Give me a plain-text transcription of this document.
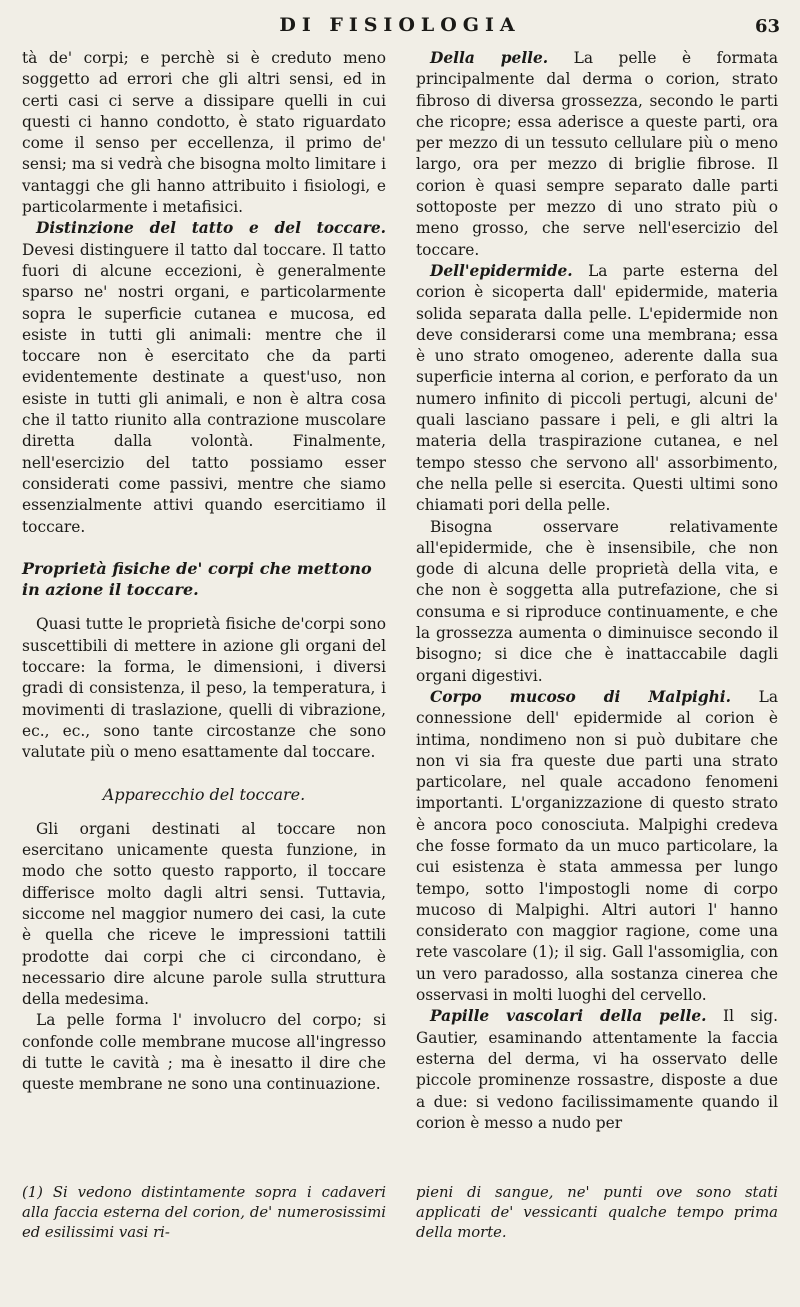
DI FISIOLOGIA	63

tà de' corpi; e perchè si è creduto meno soggetto ad errori che gli altri sensi, ed in certi casi ci serve a dissipare quelli in cui questi ci hanno condotto, è stato riguardato come il senso per eccellenza, il primo de' sensi; ma si vedrà che bisogna molto limitare i vantaggi che gli hanno attribuito i fisiologi, e particolarmente i metafisici.

Distinzione del tatto e del toccare. Devesi distinguere il tatto dal toccare. Il tatto fuori di alcune eccezioni, è generalmente sparso ne' nostri organi, e particolarmente sopra le superficie cutanea e mucosa, ed esiste in tutti gli animali: mentre che il toccare non è esercitato che da parti evidentemente destinate a quest'uso, non esiste in tutti gli animali, e non è altra cosa che il tatto riunito alla contrazione muscolare diretta dalla volontà. Finalmente, nell'esercizio del tatto possiamo esser considerati come passivi, mentre che siamo essenzialmente attivi quando esercitiamo il toccare.

Proprietà fisiche de' corpi che mettono in azione il toccare.

Quasi tutte le proprietà fisiche de'corpi sono suscettibili di mettere in azione gli organi del toccare: la forma, le dimensioni, i diversi gradi di consistenza, il peso, la temperatura, i movimenti di traslazione, quelli di vibrazione, ec., ec., sono tante circostanze che sono valutate più o meno esattamente dal toccare.

Apparecchio del toccare.

Gli organi destinati al toccare non esercitano unicamente questa funzione, in modo che sotto questo rapporto, il toccare differisce molto dagli altri sensi. Tuttavia, siccome nel maggior numero dei casi, la cute è quella che riceve le impressioni tattili prodotte dai corpi che ci circondano, è necessario dire alcune parole sulla struttura della medesima.

La pelle forma l' involucro del corpo; si confonde colle membrane mucose all'ingresso di tutte le cavità ; ma è inesatto il dire che queste membrane ne sono una continuazione.

Della pelle. La pelle è formata principalmente dal derma o corion, strato fibroso di diversa grossezza, secondo le parti che ricopre; essa aderisce a queste parti, ora per mezzo di un tessuto cellulare più o meno largo, ora per mezzo di briglie fibrose. Il corion è quasi sempre separato dalle parti sottoposte per mezzo di uno strato più o meno grosso, che serve nell'esercizio del toccare.

Dell'epidermide. La parte esterna del corion è sicoperta dall' epidermide, materia solida separata dalla pelle. L'epidermide non deve considerarsi come una membrana; essa è uno strato omogeneo, aderente dalla sua superficie interna al corion, e perforato da un numero infinito di piccoli pertugi, alcuni de' quali lasciano passare i peli, e gli altri la materia della traspirazione cutanea, e nel tempo stesso che servono all' assorbimento, che nella pelle si esercita. Questi ultimi sono chiamati pori della pelle.

Bisogna osservare relativamente all'epidermide, che è insensibile, che non gode di alcuna delle proprietà della vita, e che non è soggetta alla putrefazione, che si consuma e si riproduce continuamente, e che la grossezza aumenta o diminuisce secondo il bisogno; si dice che è inattaccabile dagli organi digestivi.

Corpo mucoso di Malpighi. La connessione dell' epidermide al corion è intima, nondimeno non si può dubitare che non vi sia fra queste due parti una strato particolare, nel quale accadono fenomeni importanti. L'organizzazione di questo strato è ancora poco conosciuta. Malpighi credeva che fosse formato da un muco particolare, la cui esistenza è stata ammessa per lungo tempo, sotto l'impostogli nome di corpo mucoso di Malpighi. Altri autori l' hanno considerato con maggior ragione, come una rete vascolare (1); il sig. Gall l'assomiglia, con un vero paradosso, alla sostanza cinerea che osservasi in molti luoghi del cervello.

Papille vascolari della pelle. Il sig. Gautier, esaminando attentamente la faccia esterna del derma, vi ha osservato delle piccole prominenze rossastre, disposte a due a due: si vedono facilissimamente quando il corion è messo a nudo per

(1) Si vedono distintamente sopra i cadaveri alla faccia esterna del corion, de' numerosissimi ed esilissimi vasi ri-
pieni di sangue, ne' punti ove sono stati applicati de' vessicanti qualche tempo prima della morte.
